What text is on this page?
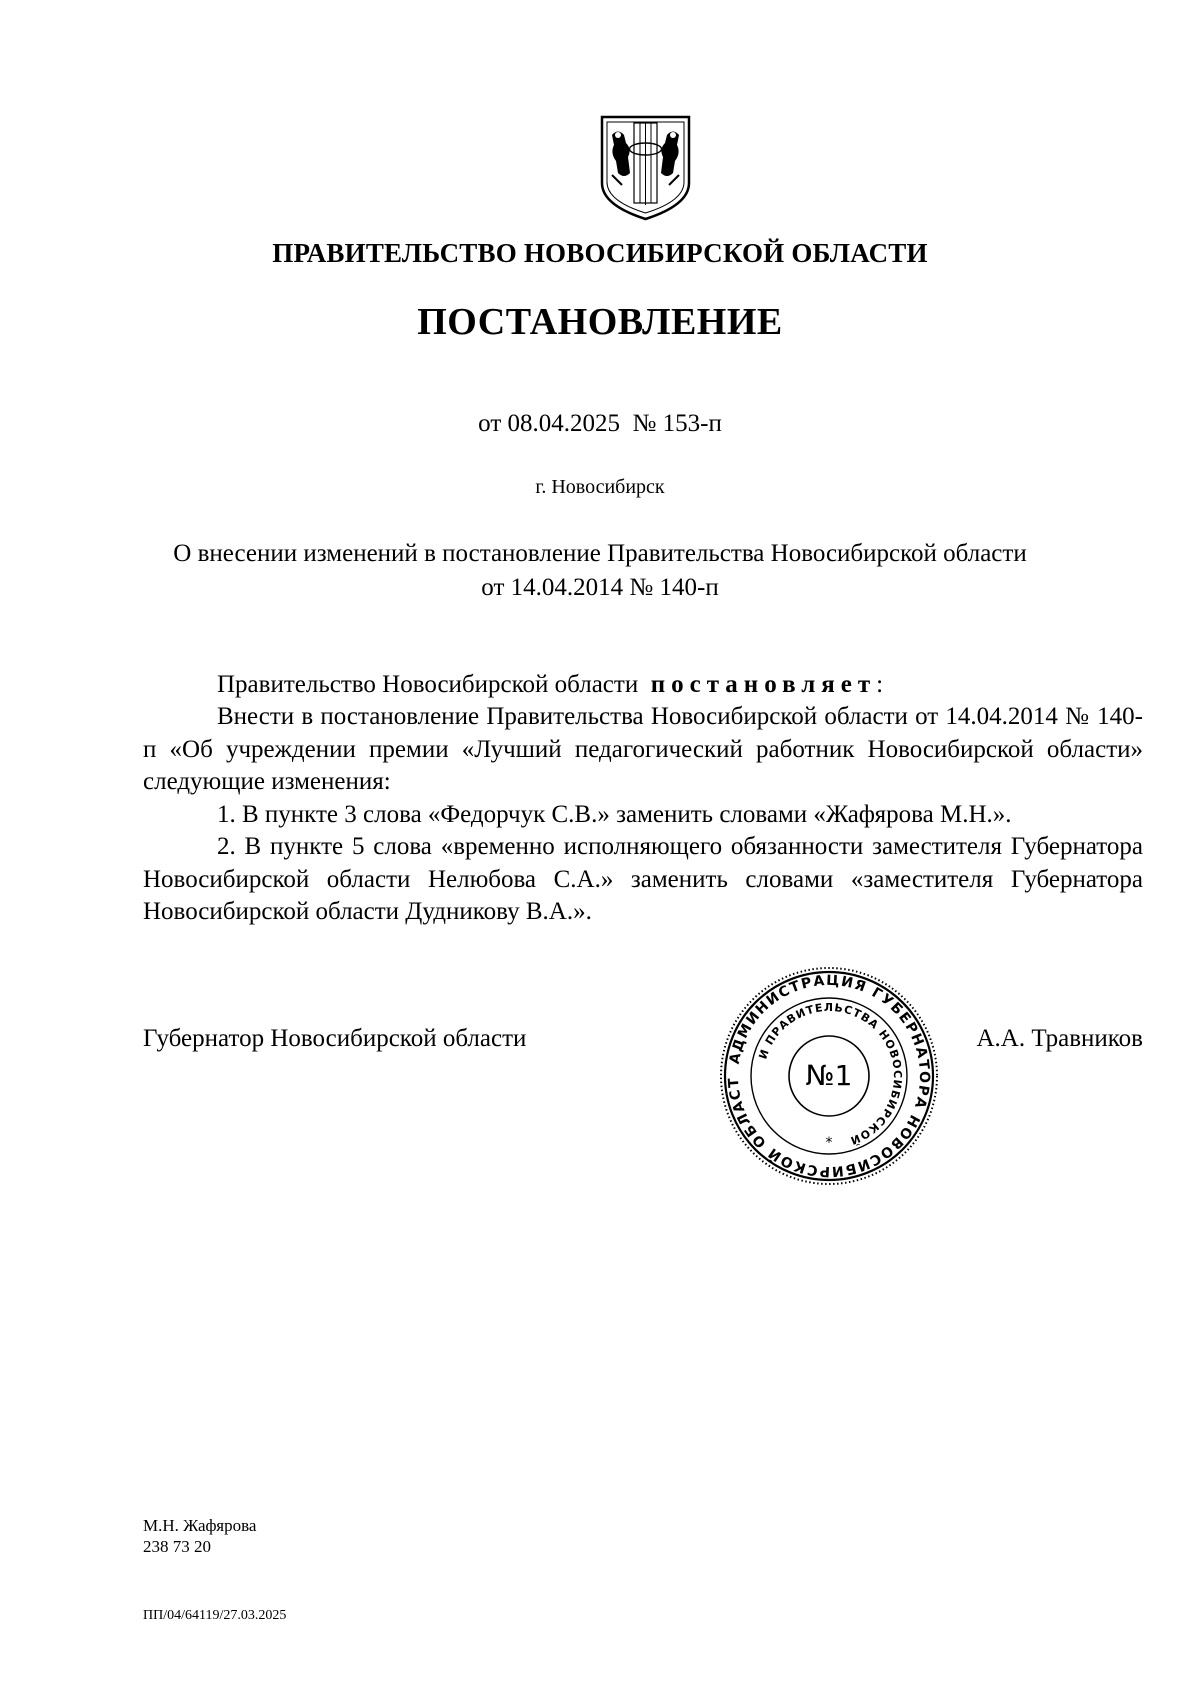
ПРАВИТЕЛЬСТВО НОВОСИБИРСКОЙ ОБЛАСТИ
ПОСТАНОВЛЕНИЕ
от 08.04.2025 № 153-п
г. Новосибирск
О внесении изменений в постановление Правительства Новосибирской области
от 14.04.2014 № 140-п
Правительство Новосибирской области постановляет:
Внести в постановление Правительства Новосибирской области от 14.04.2014 № 140-п «Об учреждении премии «Лучший педагогический работник Новосибирской области» следующие изменения:
1. В пункте 3 слова «Федорчук С.В.» заменить словами «Жафярова М.Н.».
2. В пункте 5 слова «временно исполняющего обязанности заместителя Губернатора Новосибирской области Нелюбова С.А.» заменить словами «заместителя Губернатора Новосибирской области Дудникову В.А.».
Губернатор Новосибирской области
АДМИНИСТРАЦИЯ ГУБЕРНАТОРА НОВОСИБИРСКОЙ ОБЛАСТ
И ПРАВИТЕЛЬСТВА НОВОСИБИРСКОЙ
№1
*
А.А. Травников
М.Н. Жафярова
238 73 20
ПП/04/64119/27.03.2025
